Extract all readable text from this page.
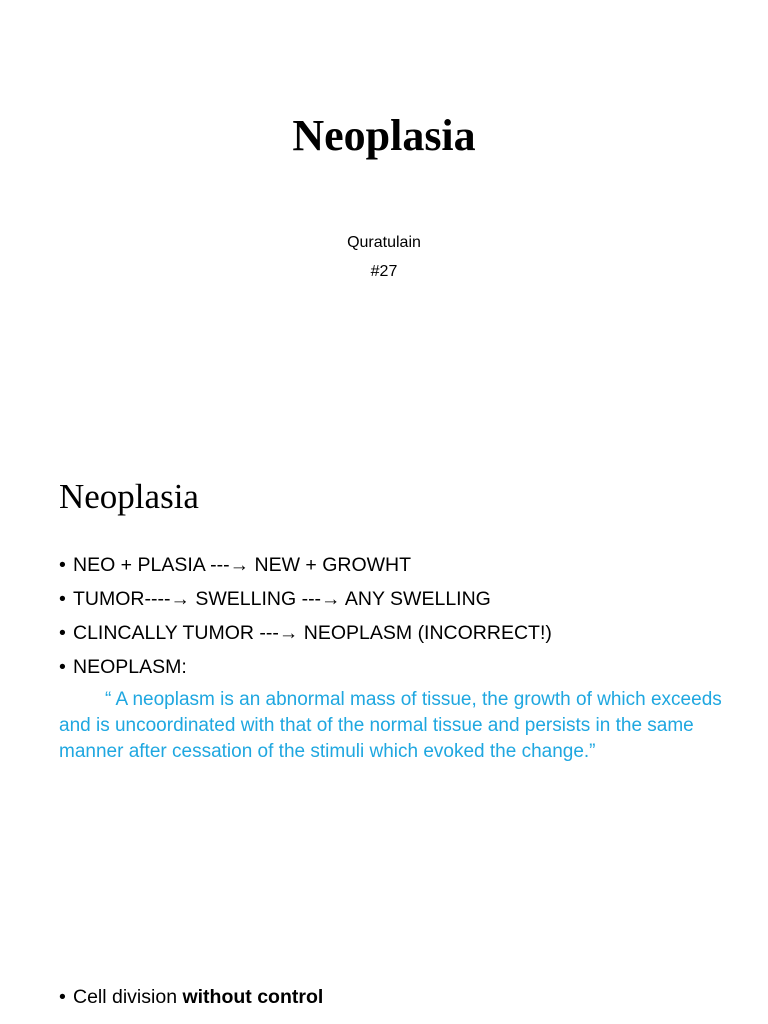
Neoplasia
Quratulain
#27
Neoplasia
• NEO + PLASIA ---→ NEW + GROWHT
• TUMOR----→ SWELLING ---→ ANY SWELLING
• CLINCALLY TUMOR ---→ NEOPLASM (INCORRECT!)
• NEOPLASM:

“ A neoplasm is an abnormal mass of tissue, the growth of which exceeds and is uncoordinated with that of the normal tissue and persists in the same manner after cessation of the stimuli which evoked the change.”

• Cell division without control
